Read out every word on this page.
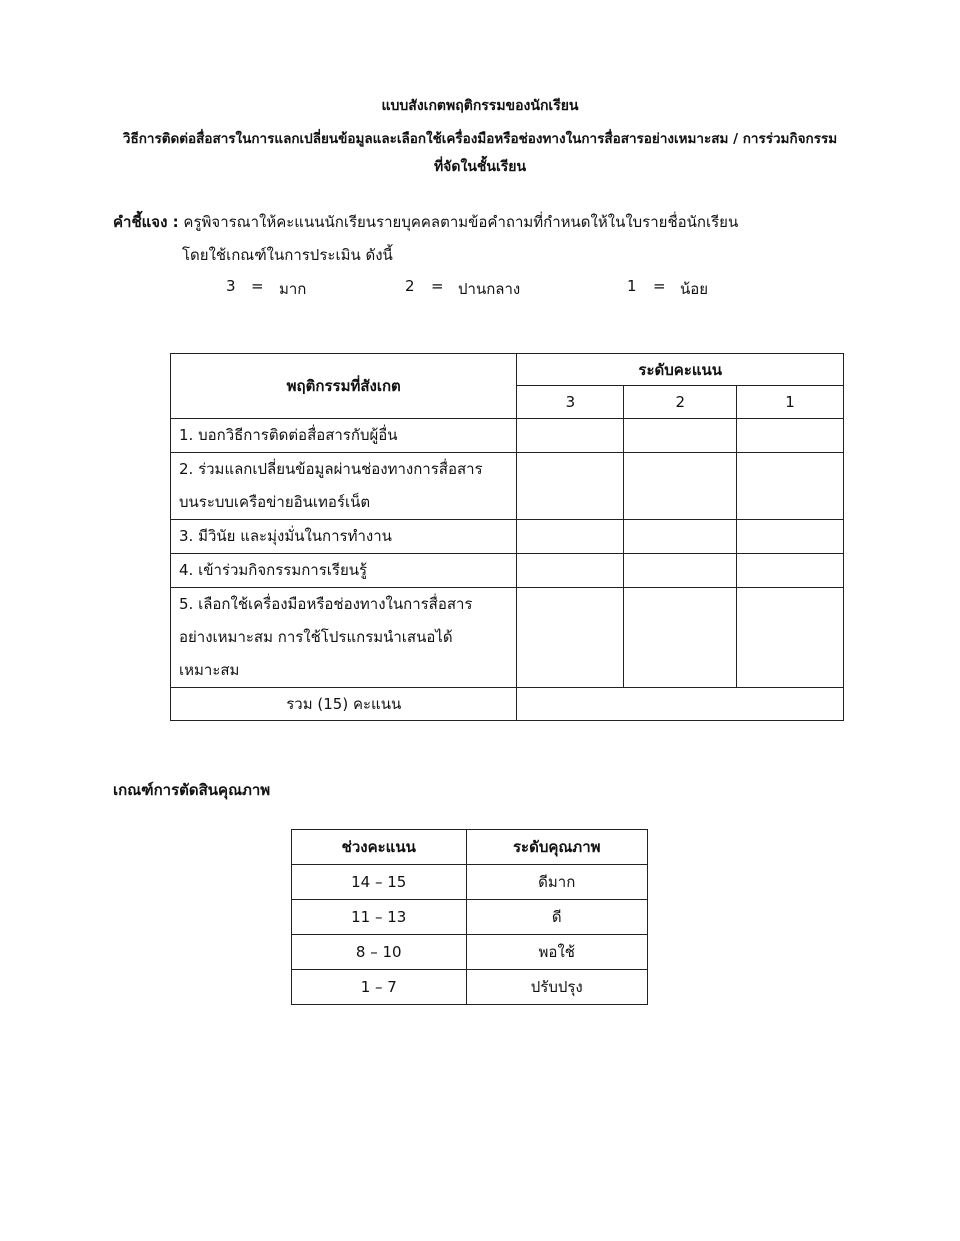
แบบสังเกตพฤติกรรมของนักเรียน
วิธีการติดต่อสื่อสารในการแลกเปลี่ยนข้อมูลและเลือกใช้เครื่องมือหรือช่องทางในการสื่อสารอย่างเหมาะสม / การร่วมกิจกรรม
ที่จัดในชั้นเรียน
คำชี้แจง : ครูพิจารณาให้คะแนนนักเรียนรายบุคคลตามข้อคำถามที่กำหนดให้ในใบรายชื่อนักเรียน
โดยใช้เกณฑ์ในการประเมิน ดังนี้
3 = มาก	2 = ปานกลาง	1 = น้อย
พฤติกรรมที่สังเกต	ระดับคะแนน		
	3	2	1

1. บอกวิธีการติดต่อสื่อสารกับผู้อื่น			

2. ร่วมแลกเปลี่ยนข้อมูลผ่านช่องทางการสื่อสาร
บนระบบเครือข่ายอินเทอร์เน็ต			

3. มีวินัย และมุ่งมั่นในการทำงาน			

4. เข้าร่วมกิจกรรมการเรียนรู้			

5. เลือกใช้เครื่องมือหรือช่องทางในการสื่อสาร
อย่างเหมาะสม การใช้โปรแกรมนำเสนอได้
เหมาะสม			

รวม (15) คะแนน			
เกณฑ์การตัดสินคุณภาพ
ช่วงคะแนน	ระดับคุณภาพ
14 – 15	ดีมาก
11 – 13	ดี
8 – 10	พอใช้
1 – 7	ปรับปรุง
